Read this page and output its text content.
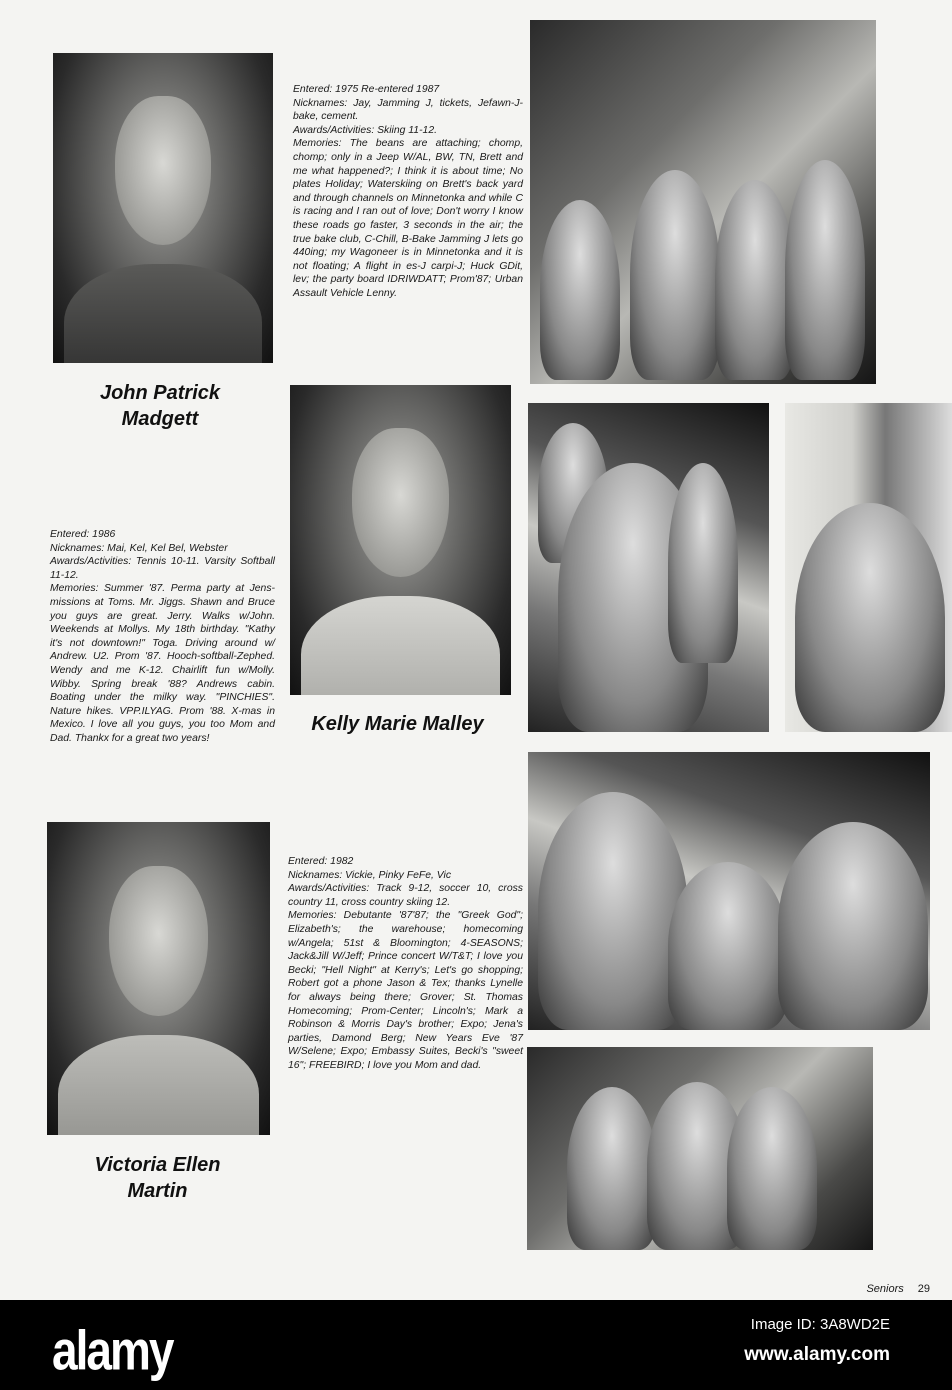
Entered: 1975 Re-entered 1987
Nicknames: Jay, Jamming J, tickets, Jefawn-J-bake, cement.
Awards/Activities: Skiing 11-12.
Memories: The beans are attaching; chomp, chomp; only in a Jeep W/AL, BW, TN, Brett and me what happened?; I think it is about time; No plates Holiday; Waterskiing on Brett's back yard and through channels on Minnetonka and while C is racing and I ran out of love; Don't worry I know these roads go faster, 3 seconds in the air; the true bake club, C-Chill, B-Bake Jamming J lets go 440ing; my Wagoneer is in Minnetonka and it is not floating; A flight in es-J carpi-J; Huck GDit, lev; the party board IDRIWDATT; Prom'87; Urban Assault Vehicle Lenny.
John Patrick
Madgett
Entered: 1986
Nicknames: Mai, Kel, Kel Bel, Webster
Awards/Activities: Tennis 10-11. Varsity Softball 11-12.
Memories: Summer '87. Perma party at Jens-missions at Toms. Mr. Jiggs. Shawn and Bruce you guys are great. Jerry. Walks w/John. Weekends at Mollys. My 18th birthday. "Kathy it's not downtown!" Toga. Driving around w/ Andrew. U2. Prom '87. Hooch-softball-Zephed. Wendy and me K-12. Chairlift fun w/Molly. Wibby. Spring break '88? Andrews cabin. Boating under the milky way. "PINCHIES". Nature hikes. VPP.ILYAG. Prom '88. X-mas in Mexico. I love all you guys, you too Mom and Dad. Thankx for a great two years!
Kelly Marie Malley
Entered: 1982
Nicknames: Vickie, Pinky FeFe, Vic
Awards/Activities: Track 9-12, soccer 10, cross country 11, cross country skiing 12.
Memories: Debutante '87'87; the "Greek God"; Elizabeth's; the warehouse; homecoming w/Angela; 51st & Bloomington; 4-SEASONS; Jack&Jill W/Jeff; Prince concert W/T&T; I love you Becki; "Hell Night" at Kerry's; Let's go shopping; Robert got a phone Jason & Tex; thanks Lynelle for always being there; Grover; St. Thomas Homecoming; Prom-Center; Lincoln's; Mark a Robinson & Morris Day's brother; Expo; Jena's parties, Damond Berg; New Years Eve '87 W/Selene; Expo; Embassy Suites, Becki's "sweet 16"; FREEBIRD; I love you Mom and dad.
Victoria Ellen
Martin
Seniors 29
alamy	Image ID: 3A8WD2E
www.alamy.com
